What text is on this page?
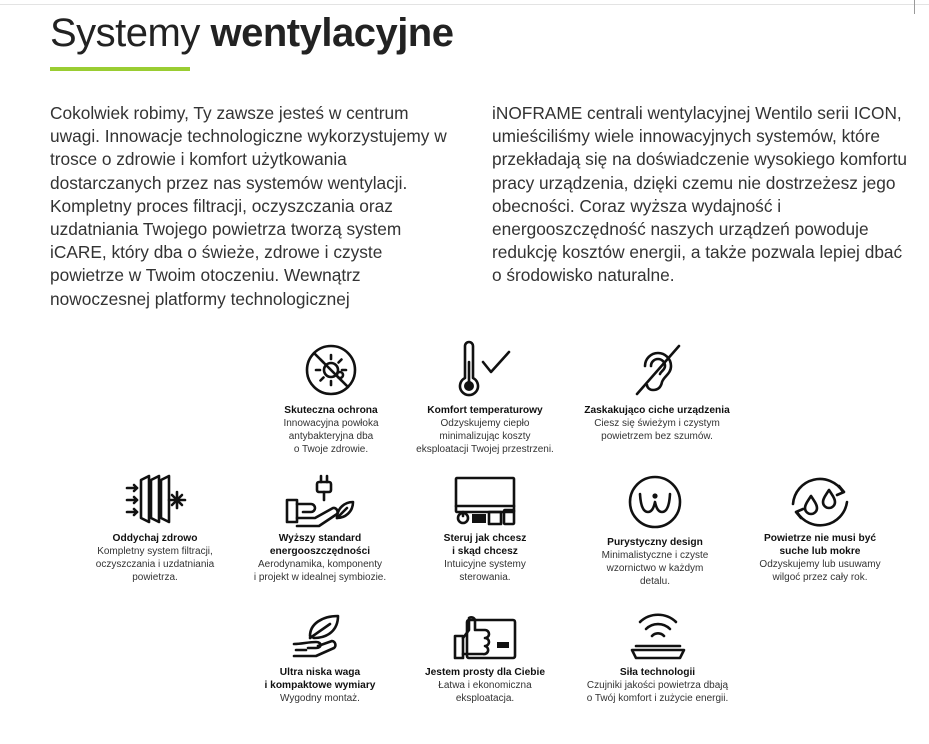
Systemy wentylacyjne

Cokolwiek robimy, Ty zawsze jesteś w centrum uwagi. Innowacje technologiczne wykorzystujemy w trosce o zdrowie i komfort użytkowania dostarczanych przez nas systemów wentylacji. Kompletny proces filtracji, oczyszczania oraz uzdatniania Twojego powietrza tworzą system iCARE, który dba o świeże, zdrowe i czyste powietrze w Twoim otoczeniu. Wewnątrz nowoczesnej platformy technologicznej

iNOFRAME centrali wentylacyjnej Wentilo serii ICON, umieściliśmy wiele innowacyjnych systemów, które przekładają się na doświadczenie wysokiego komfortu pracy urządzenia, dzięki czemu nie dostrzeżesz jego obecności. Coraz wyższa wydajność i energooszczędność naszych urządzeń powoduje redukcję kosztów energii, a także pozwala lepiej dbać o środowisko naturalne.

Skuteczna ochrona
Innowacyjna powłoka
antybakteryjna dba
o Twoje zdrowie.
Komfort temperaturowy
Odzyskujemy ciepło
minimalizując koszty
eksploatacji Twojej przestrzeni.
Zaskakująco ciche urządzenia
Ciesz się świeżym i czystym
powietrzem bez szumów.
Oddychaj zdrowo
Kompletny system filtracji,
oczyszczania i uzdatniania
powietrza.
Wyższy standard
energooszczędności
Aerodynamika, komponenty
i projekt w idealnej symbiozie.
Steruj jak chcesz
i skąd chcesz
Intuicyjne systemy
sterowania.
Purystyczny design
Minimalistyczne i czyste
wzornictwo w każdym
detalu.
Powietrze nie musi być
suche lub mokre
Odzyskujemy lub usuwamy
wilgoć przez cały rok.
Ultra niska waga
i kompaktowe wymiary
Wygodny montaż.
Jestem prosty dla Ciebie
Łatwa i ekonomiczna
eksploatacja.
Siła technologii
Czujniki jakości powietrza dbają
o Twój komfort i zużycie energii.
